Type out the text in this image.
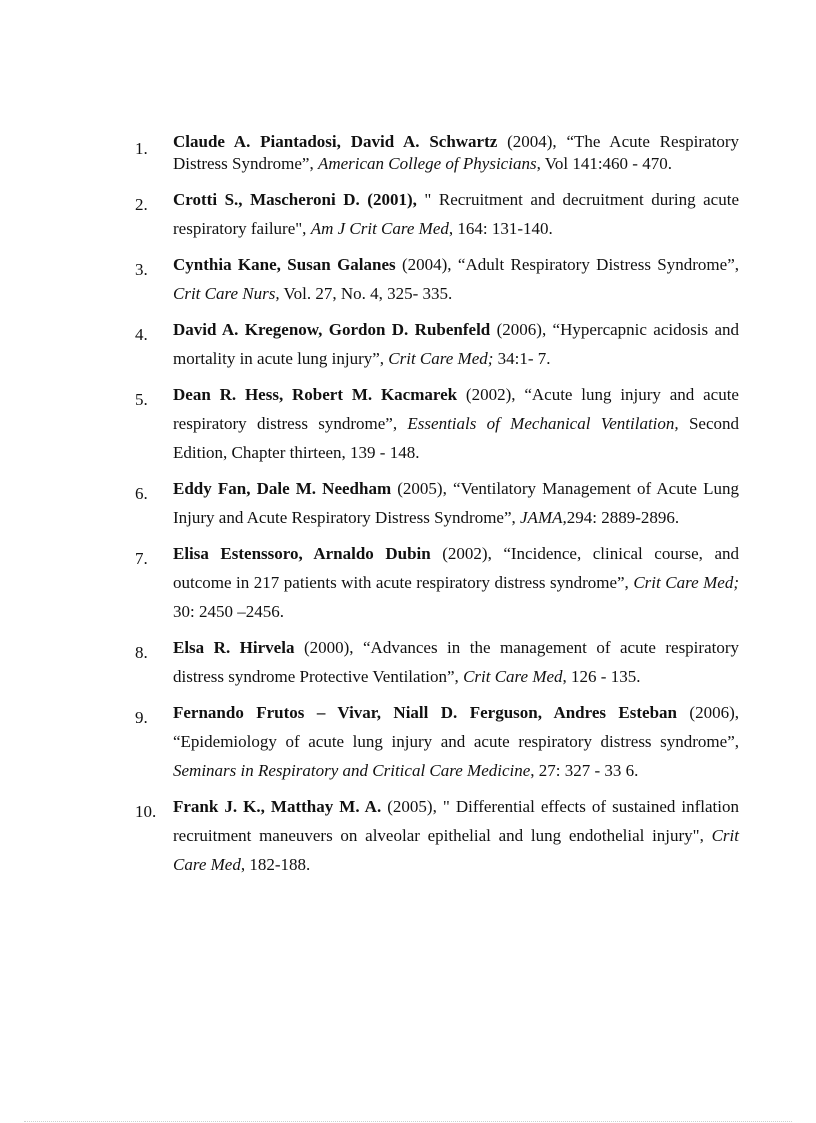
1. Claude A. Piantadosi, David A. Schwartz (2004), “The Acute Respiratory Distress Syndrome”, American College of Physicians, Vol 141:460 - 470.
2. Crotti S., Mascheroni D. (2001), " Recruitment and decruitment during acute respiratory failure", Am J Crit Care Med, 164: 131-140.
3. Cynthia Kane, Susan Galanes (2004), “Adult Respiratory Distress Syndrome”, Crit Care Nurs, Vol. 27, No. 4, 325- 335.
4. David A. Kregenow, Gordon D. Rubenfeld (2006), “Hypercapnic acidosis and mortality in acute lung injury”, Crit Care Med; 34:1- 7.
5. Dean R. Hess, Robert M. Kacmarek (2002), “Acute lung injury and acute respiratory distress syndrome”, Essentials of Mechanical Ventilation, Second Edition, Chapter thirteen, 139 - 148.
6. Eddy Fan, Dale M. Needham (2005), “Ventilatory Management of Acute Lung Injury and Acute Respiratory Distress Syndrome”, JAMA,294: 2889-2896.
7. Elisa Estenssoro, Arnaldo Dubin (2002), “Incidence, clinical course, and outcome in 217 patients with acute respiratory distress syndrome”, Crit Care Med; 30: 2450 –2456.
8. Elsa R. Hirvela (2000), “Advances in the management of acute respiratory distress syndrome Protective Ventilation”, Crit Care Med, 126 - 135.
9. Fernando Frutos – Vivar, Niall D. Ferguson, Andres Esteban (2006), “Epidemiology of acute lung injury and acute respiratory distress syndrome”, Seminars in Respiratory and Critical Care Medicine, 27: 327 - 33 6.
10. Frank J. K., Matthay M. A. (2005), " Differential effects of sustained inflation recruitment maneuvers on alveolar epithelial and lung endothelial injury", Crit Care Med, 182-188.
